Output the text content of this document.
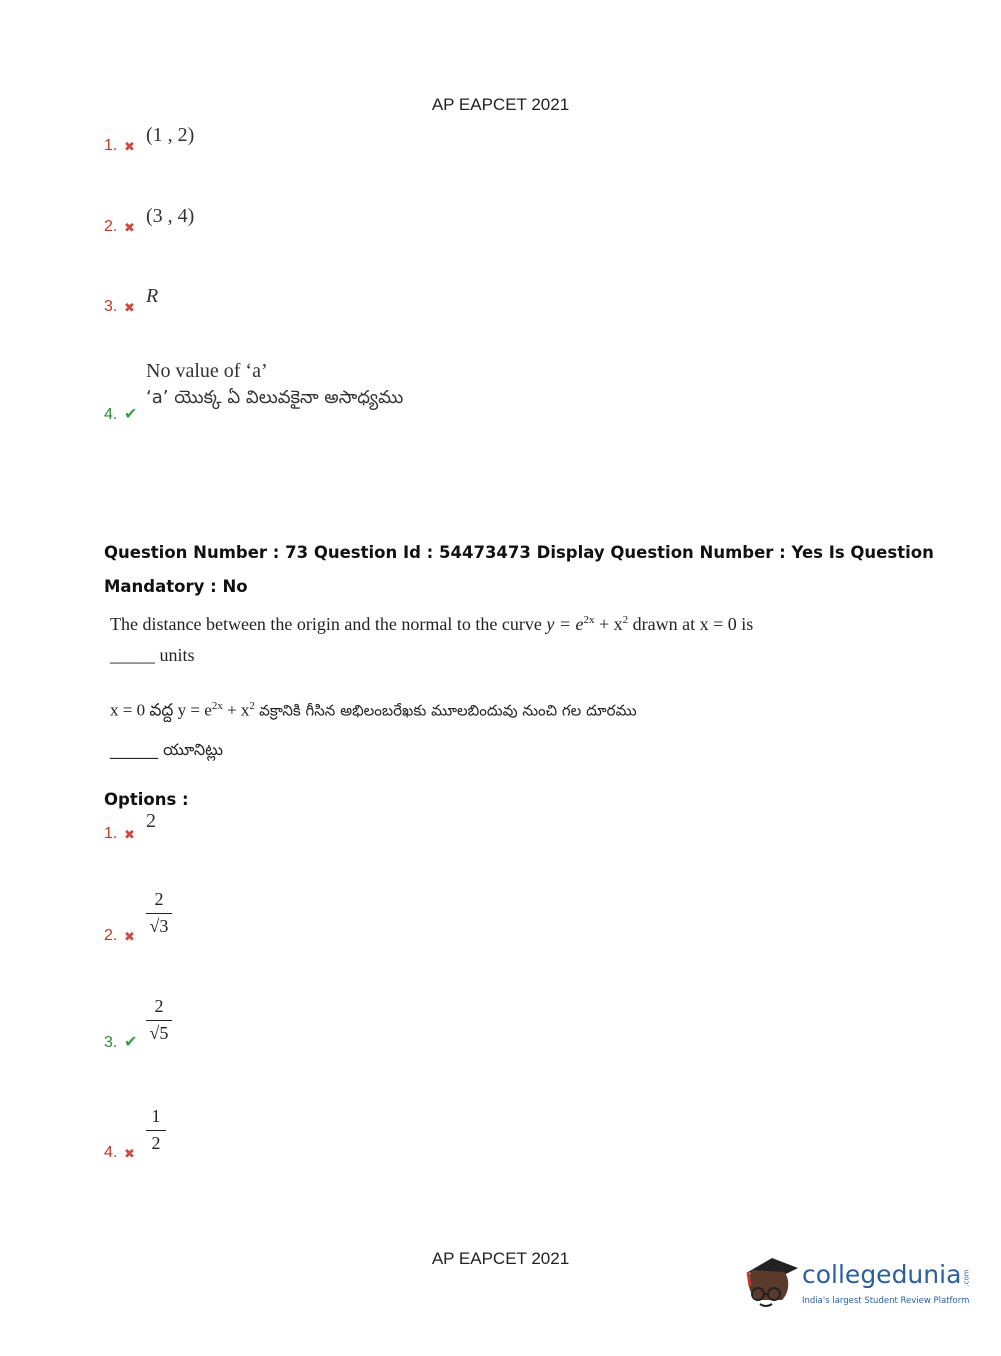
AP EAPCET 2021
1. ✖
(1 , 2)
2. ✖
(3 , 4)
3. ✖
R
4. ✔
No value of ‘a’
‘a’ యొక్క ఏ విలువకైనా అసాధ్యము
Question Number : 73 Question Id : 54473473 Display Question Number : Yes Is Question
Mandatory : No
The distance between the origin and the normal to the curve $y = e^{2x} + x^2$ drawn at x = 0 is
_____ units
x = 0 వద్ద $y = e^{2x} + x^2$ వక్రానికి గీసిన అభిలంబరేఖకు మూలబిందువు నుంచి గల దూరము
______ యూనిట్లు
Options :
1. ✖
2
2. ✖ $\frac{2}{√3}$
3. ✔ $\frac{2}{√5}$
4. ✖ $\frac{1}{2}$
AP EAPCET 2021
collegedunia .com
India's largest Student Review Platform
